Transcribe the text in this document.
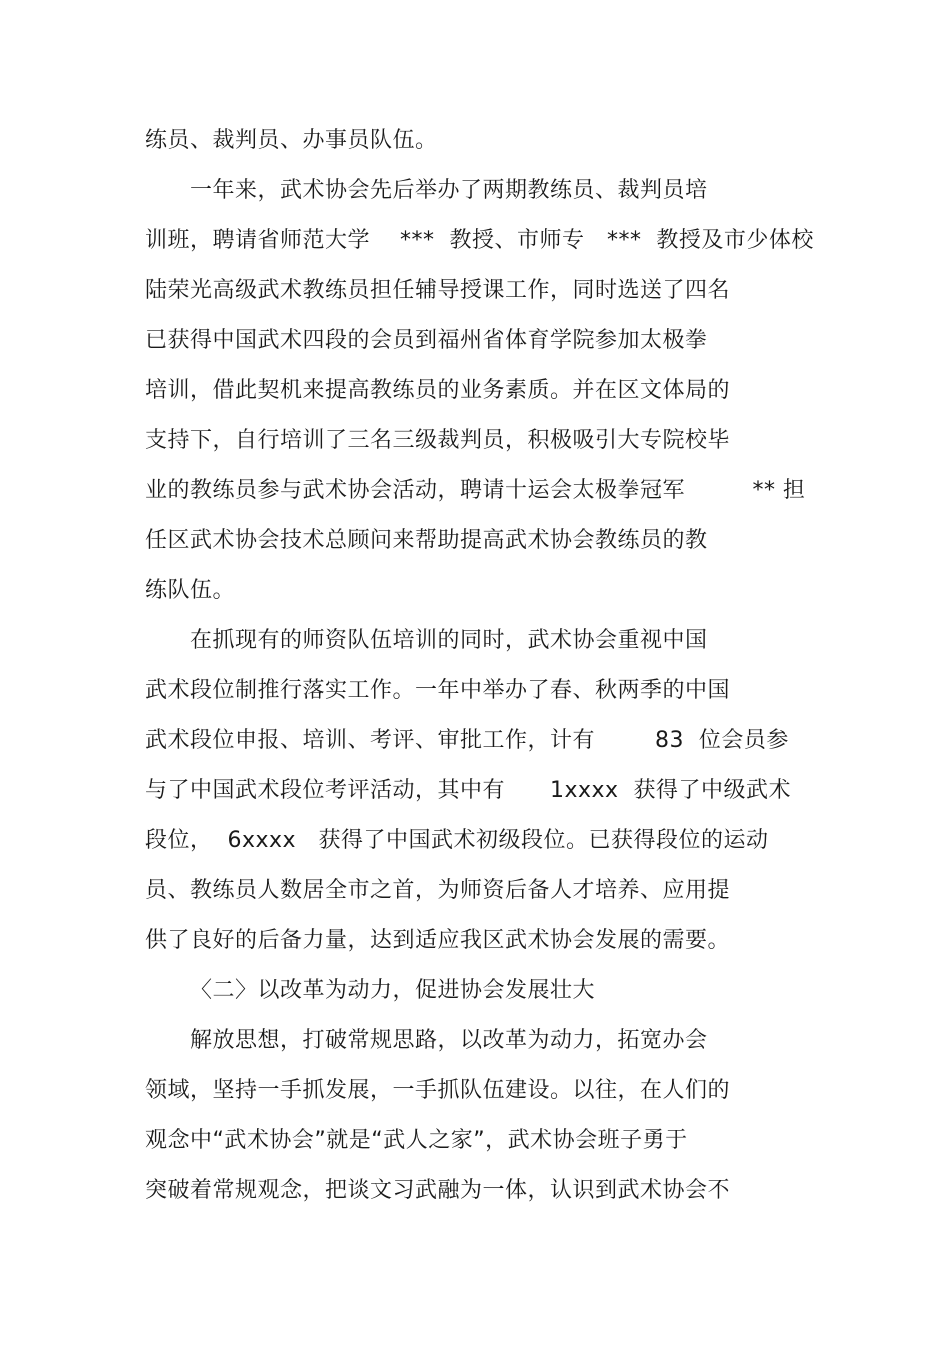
练员、裁判员、办事员队伍。
一年来，武术协会先后举办了两期教练员、裁判员培
训班，聘请省师范大学    ***  教授、市师专   ***  教授及市少体校
陆荣光高级武术教练员担任辅导授课工作，同时选送了四名
已获得中国武术四段的会员到福州省体育学院参加太极拳
培训，借此契机来提高教练员的业务素质。并在区文体局的
支持下，自行培训了三名三级裁判员，积极吸引大专院校毕
业的教练员参与武术协会活动，聘请十运会太极拳冠军         ** 担
任区武术协会技术总顾问来帮助提高武术协会教练员的教
练队伍。
在抓现有的师资队伍培训的同时，武术协会重视中国
武术段位制推行落实工作。一年中举办了春、秋两季的中国
武术段位申报、培训、考评、审批工作，计有        83  位会员参
与了中国武术段位考评活动，其中有      1xxxx  获得了中级武术
段位，  6xxxx   获得了中国武术初级段位。已获得段位的运动
员、教练员人数居全市之首，为师资后备人才培养、应用提
供了良好的后备力量，达到适应我区武术协会发展的需要。
〈二〉以改革为动力，促进协会发展壮大
解放思想，打破常规思路，以改革为动力，拓宽办会
领域，坚持一手抓发展，一手抓队伍建设。以往，在人们的
观念中“武术协会”就是“武人之家”，武术协会班子勇于
突破着常规观念，把谈文习武融为一体，认识到武术协会不
